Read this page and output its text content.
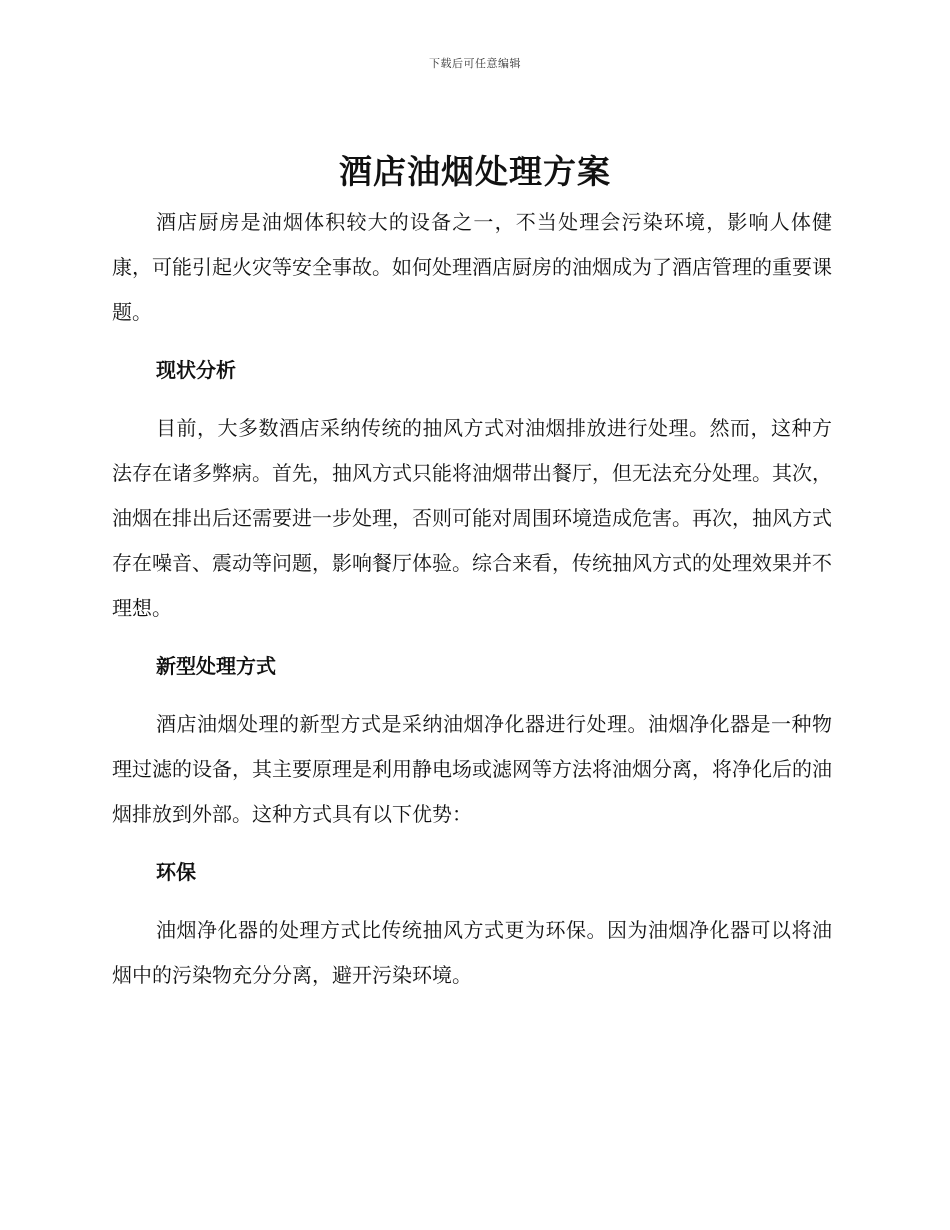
下载后可任意编辑
酒店油烟处理方案

酒店厨房是油烟体积较大的设备之一，不当处理会污染环境，影响人体健康，可能引起火灾等安全事故。如何处理酒店厨房的油烟成为了酒店管理的重要课题。

现状分析

目前，大多数酒店采纳传统的抽风方式对油烟排放进行处理。然而，这种方法存在诸多弊病。首先，抽风方式只能将油烟带出餐厅，但无法充分处理。其次，油烟在排出后还需要进一步处理，否则可能对周围环境造成危害。再次，抽风方式存在噪音、震动等问题，影响餐厅体验。综合来看，传统抽风方式的处理效果并不理想。

新型处理方式

酒店油烟处理的新型方式是采纳油烟净化器进行处理。油烟净化器是一种物理过滤的设备，其主要原理是利用静电场或滤网等方法将油烟分离，将净化后的油烟排放到外部。这种方式具有以下优势：

环保

油烟净化器的处理方式比传统抽风方式更为环保。因为油烟净化器可以将油烟中的污染物充分分离，避开污染环境。
